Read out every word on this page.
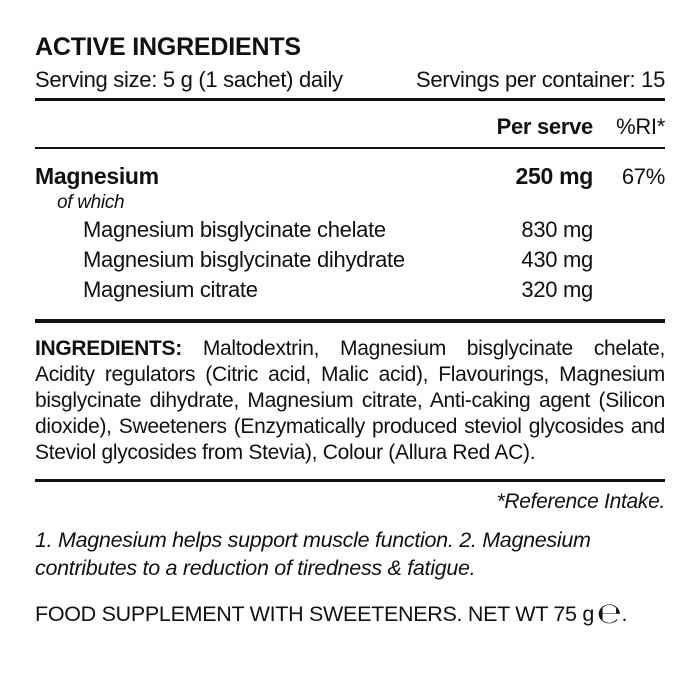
ACTIVE INGREDIENTS
Serving size: 5 g (1 sachet) daily	Servings per container: 15
Per serve	%RI*
Magnesium	250 mg	67%
of which
Magnesium bisglycinate chelate	830 mg
Magnesium bisglycinate dihydrate	430 mg
Magnesium citrate	320 mg

INGREDIENTS: Maltodextrin, Magnesium bisglycinate chelate, Acidity regulators (Citric acid, Malic acid), Flavourings, Magnesium bisglycinate dihydrate, Magnesium citrate, Anti-caking agent (Silicon dioxide), Sweeteners (Enzymatically produced steviol glycosides and Steviol glycosides from Stevia), Colour (Allura Red AC).

*Reference Intake.
1. Magnesium helps support muscle function. 2. Magnesium contributes to a reduction of tiredness & fatigue.
FOOD SUPPLEMENT WITH SWEETENERS. NET WT 75 g ℮.
